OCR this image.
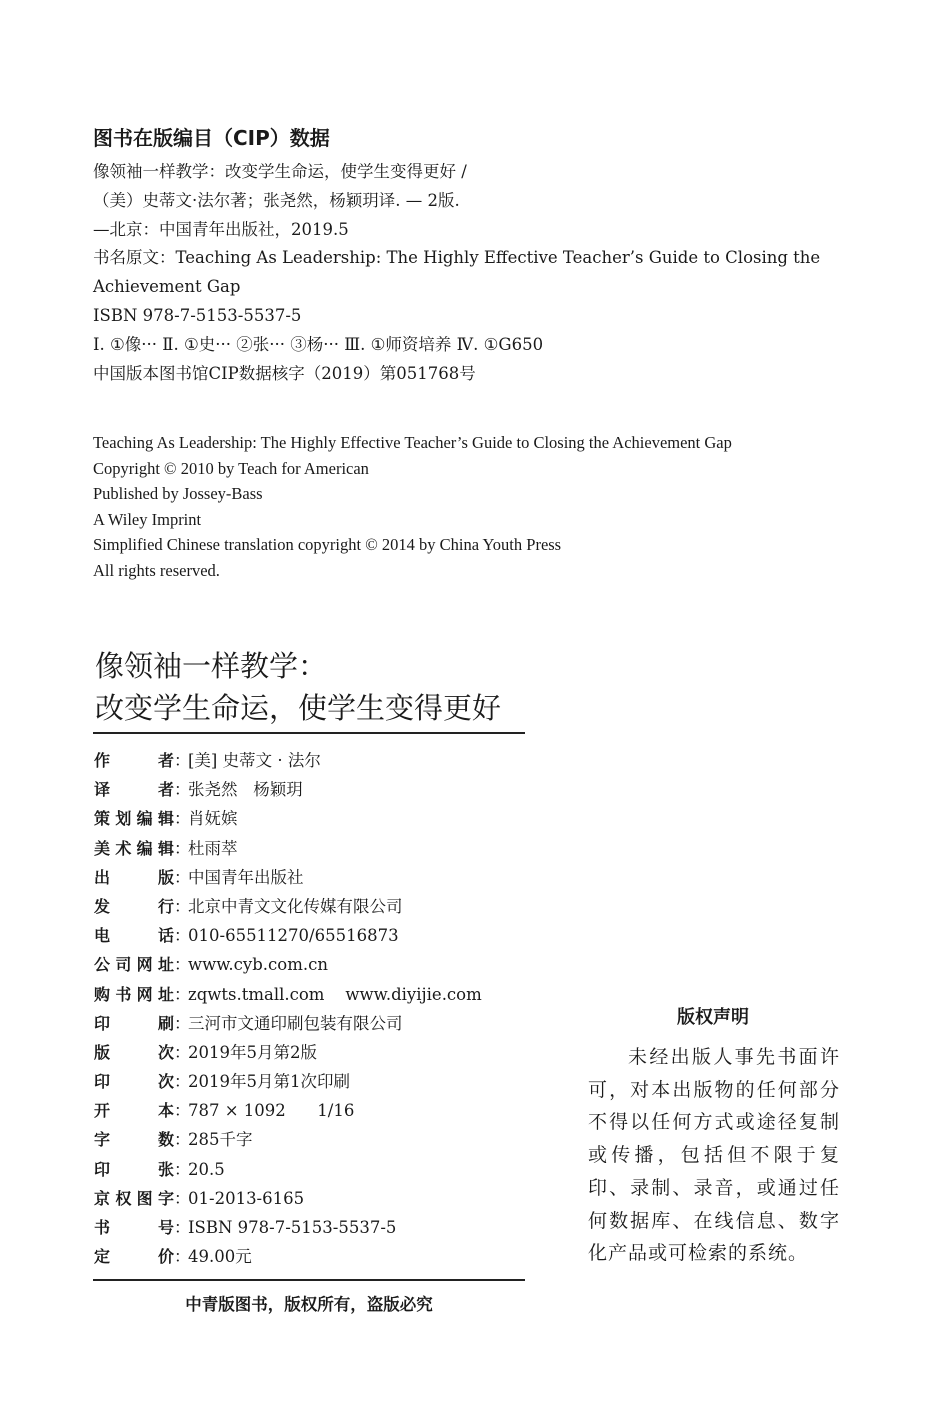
图书在版编目（CIP）数据
像领袖一样教学：改变学生命运，使学生变得更好 /
（美）史蒂文·法尔著；张尧然，杨颖玥译. — 2版.
—北京：中国青年出版社，2019.5
书名原文：Teaching As Leadership: The Highly Effective Teacher’s Guide to Closing the
Achievement Gap
ISBN 978-7-5153-5537-5
Ⅰ. ①像··· Ⅱ. ①史··· ②张··· ③杨··· Ⅲ. ①师资培养 Ⅳ. ①G650
中国版本图书馆CIP数据核字（2019）第051768号
Teaching As Leadership: The Highly Effective Teacher’s Guide to Closing the Achievement Gap
Copyright © 2010 by Teach for American
Published by Jossey-Bass
A Wiley Imprint
Simplified Chinese translation copyright © 2014 by China Youth Press
All rights reserved.
像领袖一样教学：
改变学生命运，使学生变得更好
作者 ：
[美] 史蒂文 · 法尔
译者 ：
张尧然   杨颖玥
策划编辑 ：
肖妩嫔
美术编辑 ：
杜雨萃
出版 ：
中国青年出版社
发行 ：
北京中青文文化传媒有限公司
电话 ：
010-65511270/65516873
公司网址 ：
www.cyb.com.cn
购书网址 ：
zqwts.tmall.com    www.diyijie.com
印刷 ：
三河市文通印刷包装有限公司
版次 ：
2019年5月第2版
印次 ：
2019年5月第1次印刷
开本 ：
787 × 1092      1/16
字数 ：
285千字
印张 ：
20.5
京权图字 ：
01-2013-6165
书号 ：
ISBN 978-7-5153-5537-5
定价 ：
49.00元
中青版图书，版权所有，盗版必究
版权声明
未经出版人事先书面许可，对本出版物的任何部分不得以任何方式或途径复制或传播，包括但不限于复印、录制、录音，或通过任何数据库、在线信息、数字化产品或可检索的系统。
